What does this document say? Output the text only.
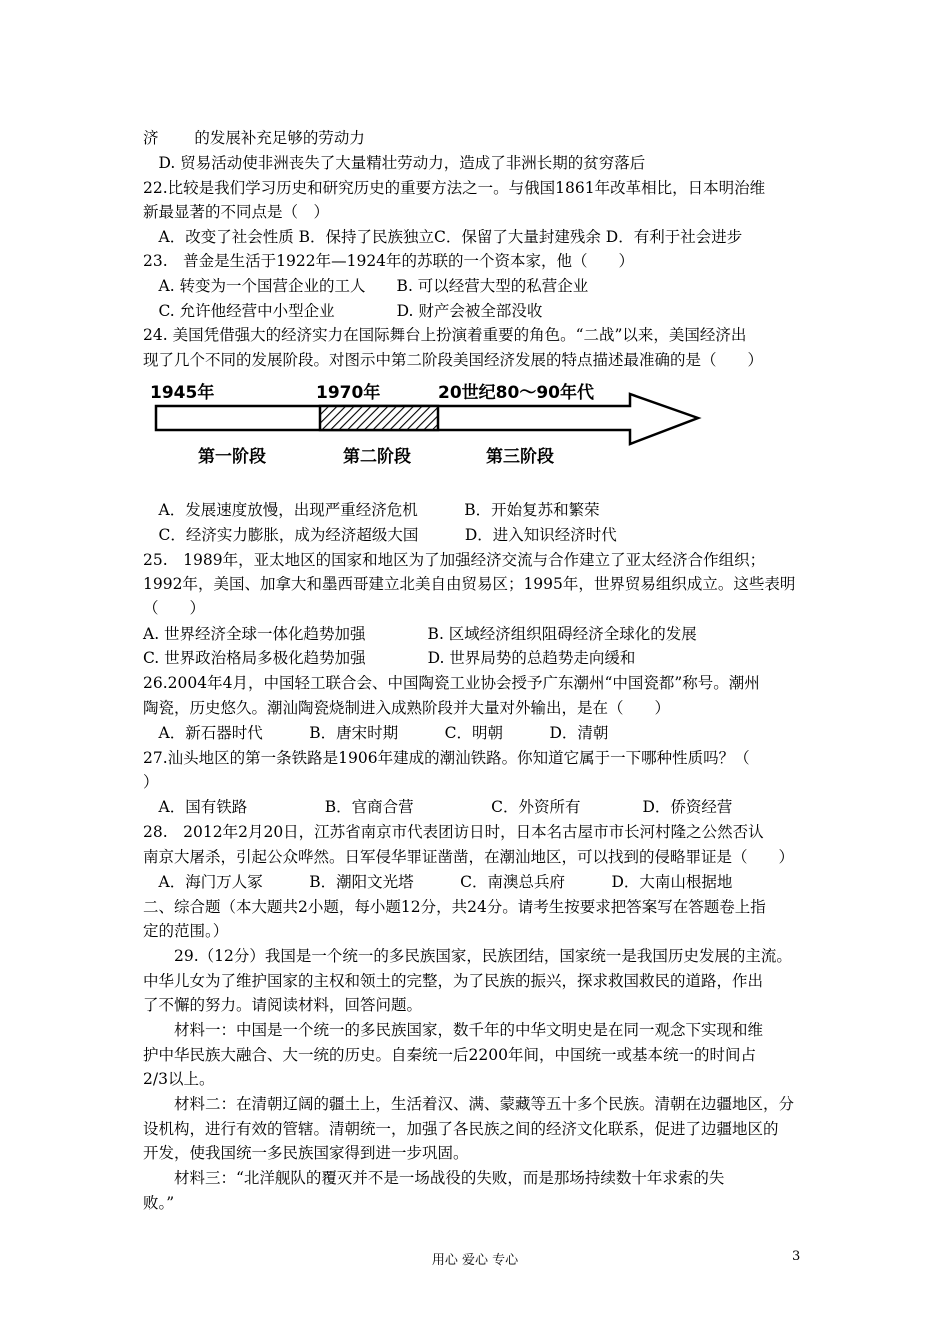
济　　 的发展补充足够的劳动力
　D. 贸易活动使非洲丧失了大量精壮劳动力，造成了非洲长期的贫穷落后
22.比较是我们学习历史和研究历史的重要方法之一。与俄国1861年改革相比，日本明治维
新最显著的不同点是（　）
　A．改变了社会性质 B．保持了民族独立C．保留了大量封建残余 D．有利于社会进步
23.　普金是生活于1922年—1924年的苏联的一个资本家，他（　　）
　A. 转变为一个国营企业的工人　　B. 可以经营大型的私营企业
　C. 允许他经营中小型企业　　　　D. 财产会被全部没收
24. 美国凭借强大的经济实力在国际舞台上扮演着重要的角色。“二战”以来，美国经济出
现了几个不同的发展阶段。对图示中第二阶段美国经济发展的特点描述最准确的是（　　）
　A．发展速度放慢，出现严重经济危机　　　B．开始复苏和繁荣
　C．经济实力膨胀，成为经济超级大国　　　D．进入知识经济时代
25.　1989年，亚太地区的国家和地区为了加强经济交流与合作建立了亚太经济合作组织；
1992年，美国、加拿大和墨西哥建立北美自由贸易区；1995年，世界贸易组织成立。这些表明
（　　）
A. 世界经济全球一体化趋势加强　　　　B. 区域经济组织阻碍经济全球化的发展
C. 世界政治格局多极化趋势加强　　　　D. 世界局势的总趋势走向缓和
26.2004年4月，中国轻工联合会、中国陶瓷工业协会授予广东潮州“中国瓷都”称号。潮州
陶瓷，历史悠久。潮汕陶瓷烧制进入成熟阶段并大量对外输出，是在（　　）
　A．新石器时代　　　B．唐宋时期　　　C．明朝　　　D．清朝
27.汕头地区的第一条铁路是1906年建成的潮汕铁路。你知道它属于一下哪种性质吗？（
）
　A．国有铁路　　　　　B．官商合营　　　　　C．外资所有　　　　D．侨资经营
28.　2012年2月20日，江苏省南京市代表团访日时，日本名古屋市市长河村隆之公然否认
南京大屠杀，引起公众哗然。日军侵华罪证凿凿，在潮汕地区，可以找到的侵略罪证是（　　）
　A．海门万人冢　　　B．潮阳文光塔　　　C．南澳总兵府　　　D．大南山根据地
二、综合题（本大题共2小题，每小题12分，共24分。请考生按要求把答案写在答题卷上指
定的范围。）
　　29.（12分）我国是一个统一的多民族国家，民族团结，国家统一是我国历史发展的主流。
中华儿女为了维护国家的主权和领土的完整，为了民族的振兴，探求救国救民的道路，作出
了不懈的努力。请阅读材料，回答问题。
　　材料一：中国是一个统一的多民族国家，数千年的中华文明史是在同一观念下实现和维
护中华民族大融合、大一统的历史。自秦统一后2200年间，中国统一或基本统一的时间占
2/3以上。
　　材料二：在清朝辽阔的疆土上，生活着汉、满、蒙藏等五十多个民族。清朝在边疆地区，分
设机构，进行有效的管辖。清朝统一，加强了各民族之间的经济文化联系，促进了边疆地区的
开发，使我国统一多民族国家得到进一步巩固。
　　材料三：“北洋舰队的覆灭并不是一场战役的失败，而是那场持续数十年求索的失
败。”
1945年	1970年	20世纪80～90年代
第一阶段	第二阶段	第三阶段
用心 爱心 专心	3
